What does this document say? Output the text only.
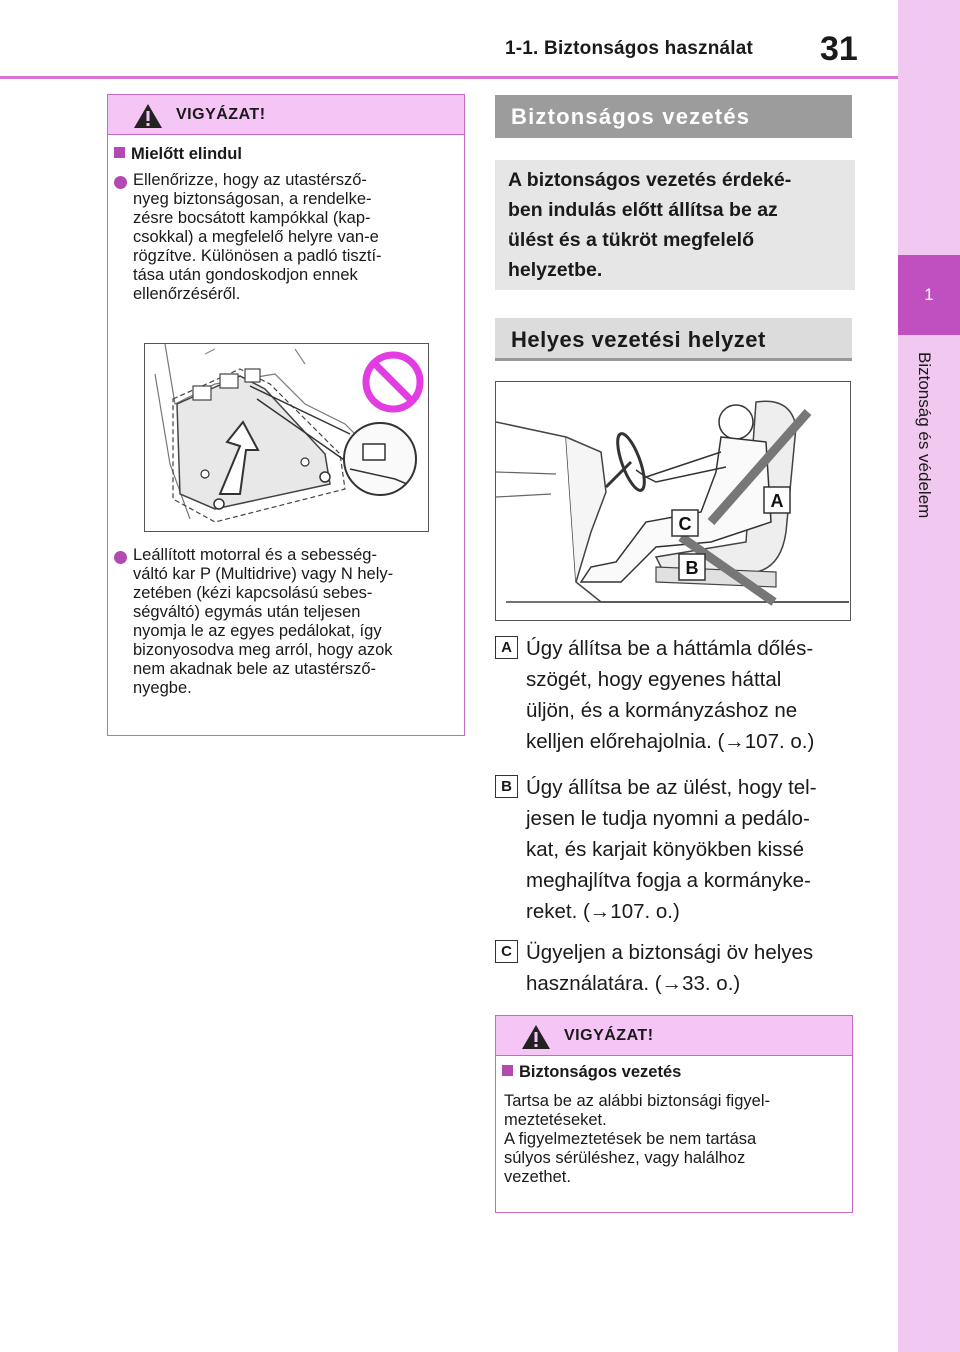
1-1. Biztonságos használat 31
1
Biztonság és védelem
VIGYÁZAT!
Mielőtt elindul
Ellenőrizze, hogy az utastérsző-
nyeg biztonságosan, a rendelke-
zésre bocsátott kampókkal (kap-
csokkal) a megfelelő helyre van-e
rögzítve. Különösen a padló tisztí-
tása után gondoskodjon ennek
ellenőrzéséről.
Leállított motorral és a sebesség-
váltó kar P (Multidrive) vagy N hely-
zetében (kézi kapcsolású sebes-
ségváltó) egymás után teljesen
nyomja le az egyes pedálokat, így
bizonyosodva meg arról, hogy azok
nem akadnak bele az utastérsző-
nyegbe.
Biztonságos vezetés

A biztonságos vezetés érdeké-
ben indulás előtt állítsa be az
ülést és a tükröt megfelelő
helyzetbe.

Helyes vezetési helyzet
A
C
B
A Úgy állítsa be a háttámla dőlés-
szögét, hogy egyenes háttal
üljön, és a kormányzáshoz ne
kelljen előrehajolnia. (→107. o.)
B Úgy állítsa be az ülést, hogy tel-
jesen le tudja nyomni a pedálo-
kat, és karjait könyökben kissé
meghajlítva fogja a kormányke-
reket. (→107. o.)
C Ügyeljen a biztonsági öv helyes
használatára. (→33. o.)
VIGYÁZAT!
Biztonságos vezetés
Tartsa be az alábbi biztonsági figyel-
meztetéseket.
A figyelmeztetések be nem tartása
súlyos sérüléshez, vagy halálhoz
vezethet.
